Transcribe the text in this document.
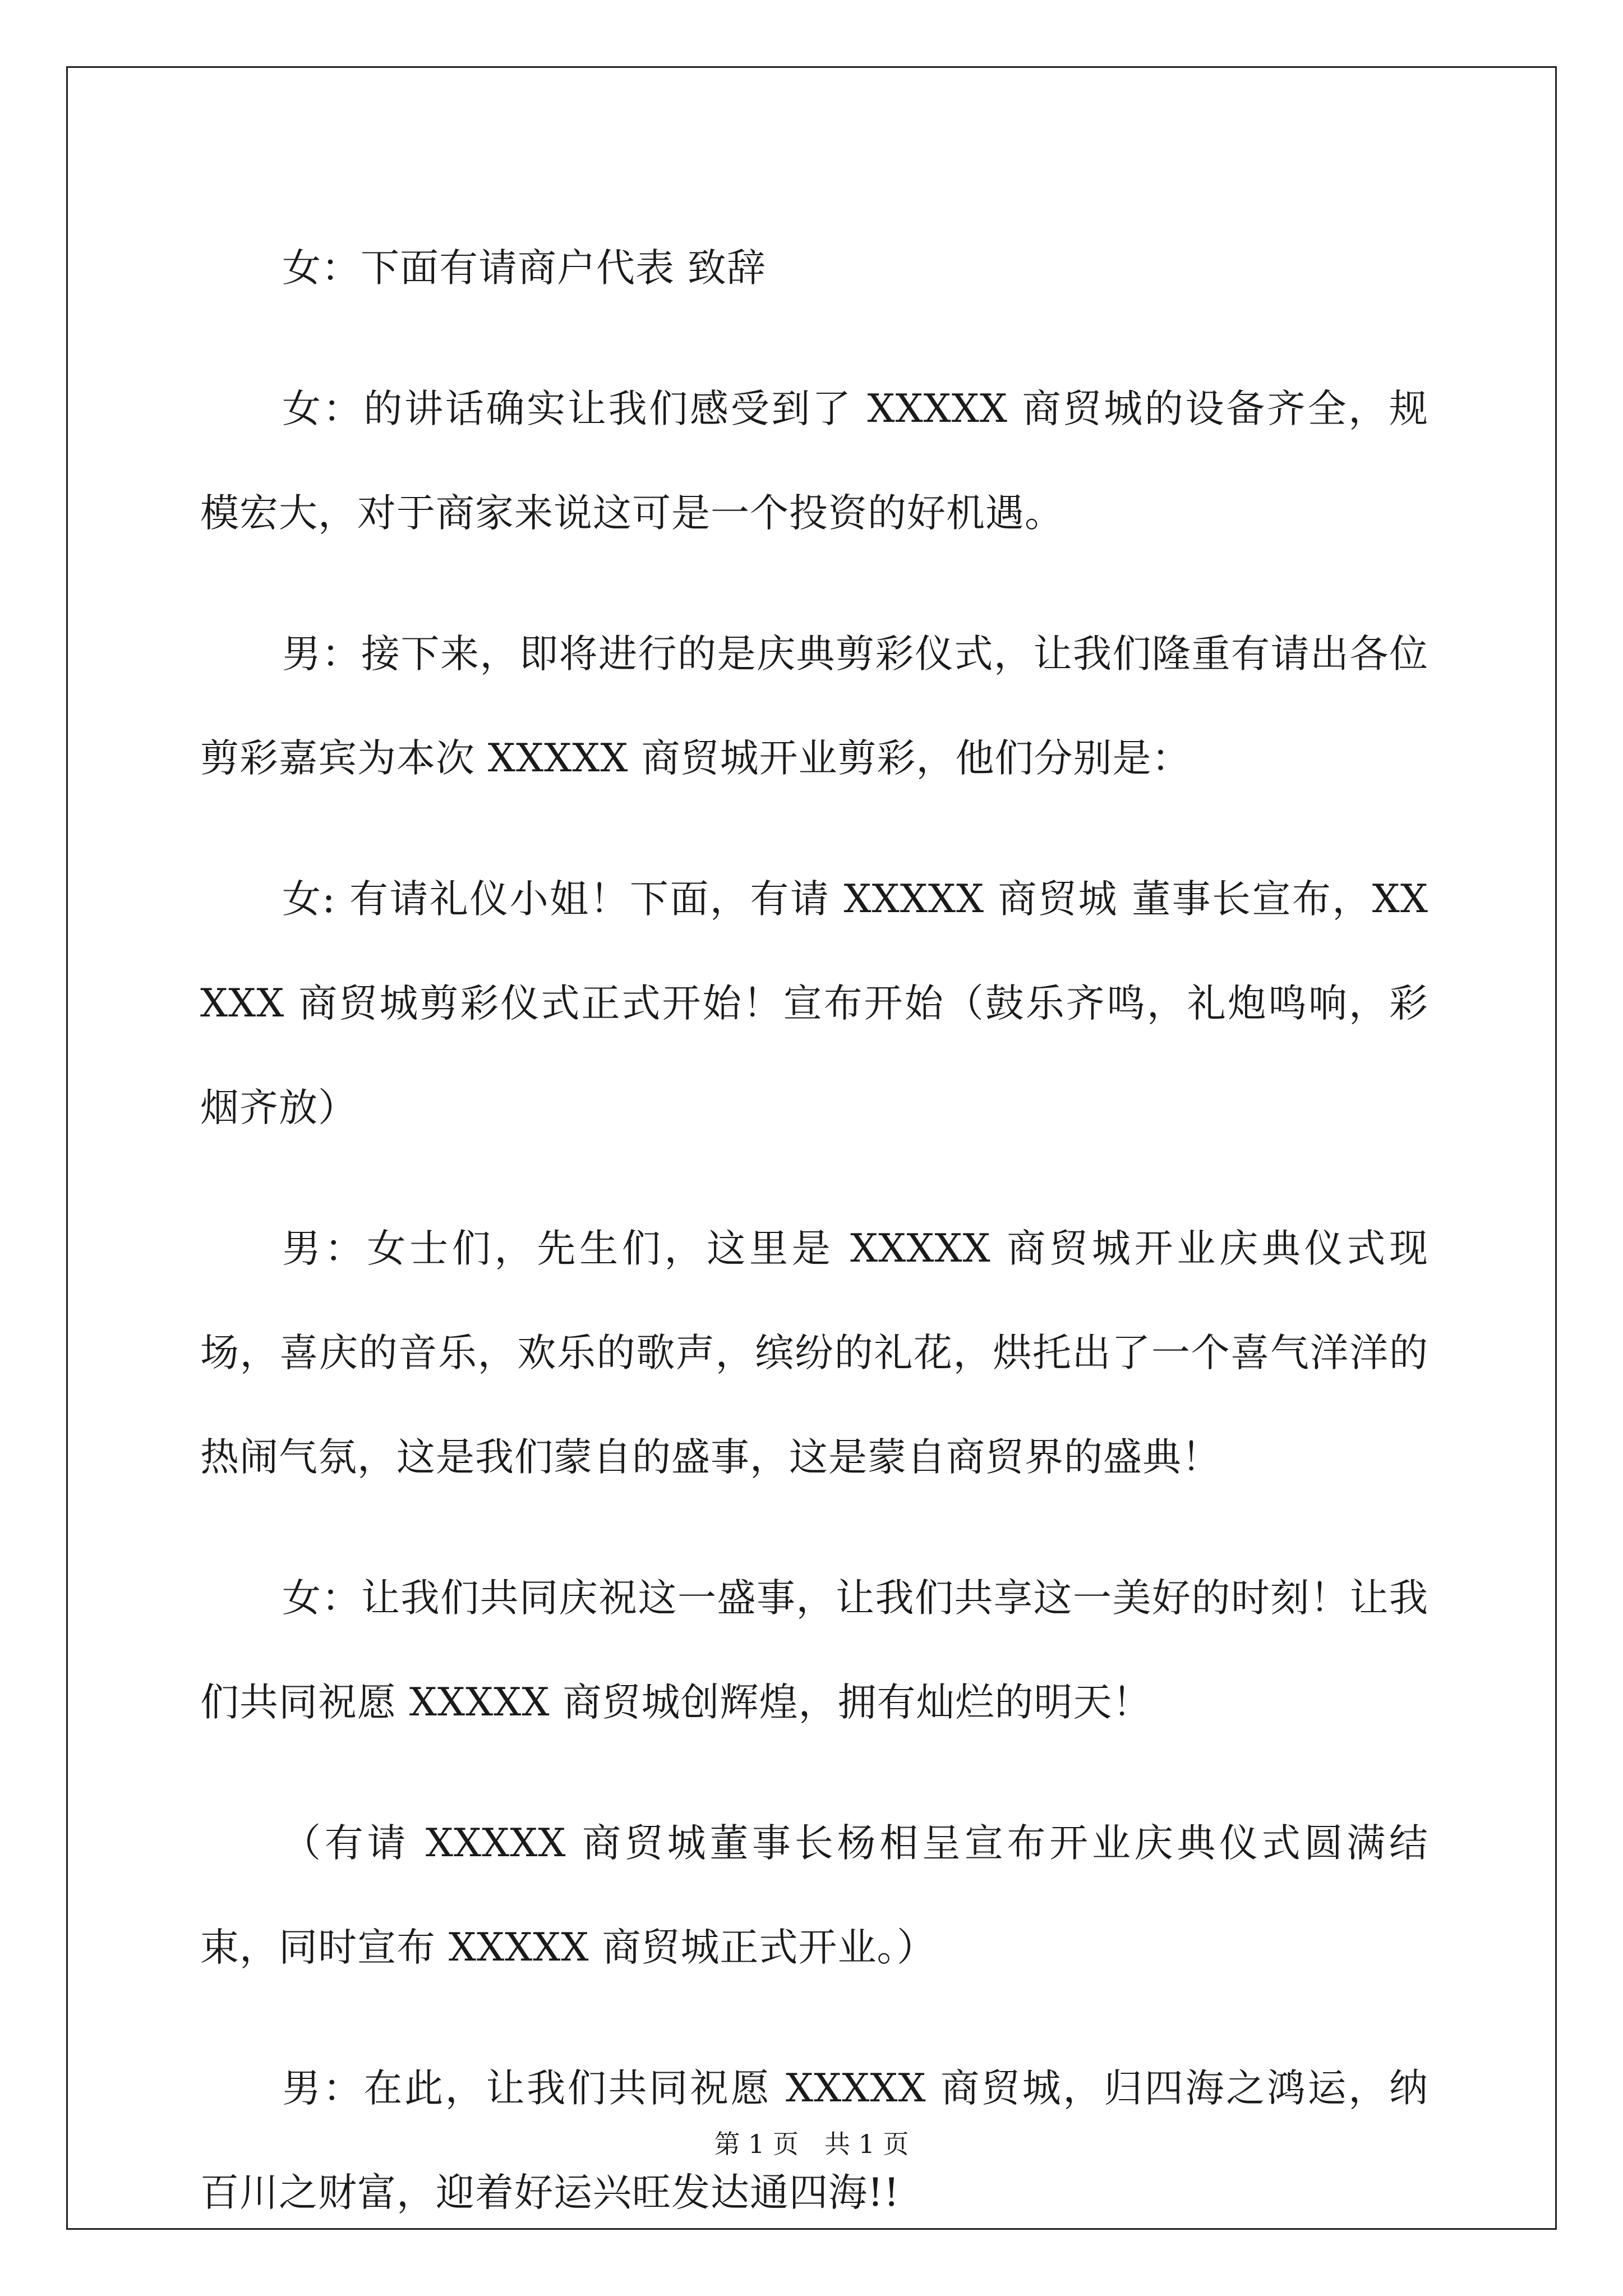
女：下面有请商户代表 致辞

女：的讲话确实让我们感受到了 XXXXX 商贸城的设备齐全，规模宏大，对于商家来说这可是一个投资的好机遇。

男：接下来，即将进行的是庆典剪彩仪式，让我们隆重有请出各位剪彩嘉宾为本次 XXXXX 商贸城开业剪彩，他们分别是：

女: 有请礼仪小姐！下面，有请 XXXXX 商贸城 董事长宣布，XXXXX 商贸城剪彩仪式正式开始！宣布开始（鼓乐齐鸣，礼炮鸣响，彩烟齐放）

男：女士们，先生们，这里是 XXXXX 商贸城开业庆典仪式现场，喜庆的音乐，欢乐的歌声，缤纷的礼花，烘托出了一个喜气洋洋的热闹气氛，这是我们蒙自的盛事，这是蒙自商贸界的盛典！

女：让我们共同庆祝这一盛事，让我们共享这一美好的时刻！让我们共同祝愿 XXXXX 商贸城创辉煌，拥有灿烂的明天！

（有请 XXXXX 商贸城董事长杨相呈宣布开业庆典仪式圆满结束，同时宣布 XXXXX 商贸城正式开业。）

男：在此，让我们共同祝愿 XXXXX 商贸城，归四海之鸿运，纳百川之财富，迎着好运兴旺发达通四海!!

第 1 页　共 1 页
